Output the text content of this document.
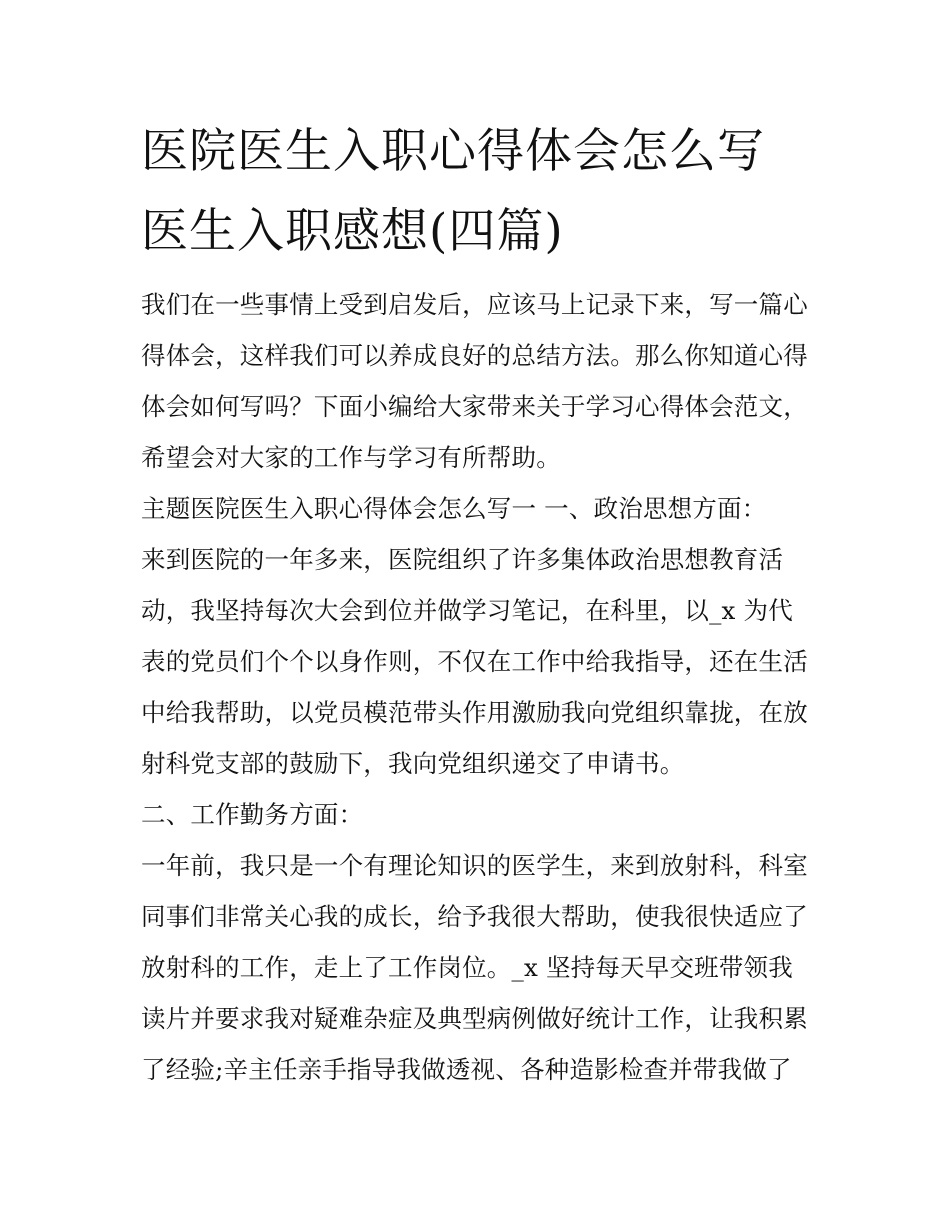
医院医生入职心得体会怎么写
医生入职感想(四篇)
我们在一些事情上受到启发后，应该马上记录下来，写一篇心
得体会，这样我们可以养成良好的总结方法。那么你知道心得
体会如何写吗？下面小编给大家带来关于学习心得体会范文，
希望会对大家的工作与学习有所帮助。
主题医院医生入职心得体会怎么写一 一、政治思想方面：
来到医院的一年多来，医院组织了许多集体政治思想教育活
动，我坚持每次大会到位并做学习笔记，在科里，以_x 为代
表的党员们个个以身作则，不仅在工作中给我指导，还在生活
中给我帮助，以党员模范带头作用激励我向党组织靠拢，在放
射科党支部的鼓励下，我向党组织递交了申请书。
二、工作勤务方面：
一年前，我只是一个有理论知识的医学生，来到放射科，科室
同事们非常关心我的成长，给予我很大帮助，使我很快适应了
放射科的工作，走上了工作岗位。_x 坚持每天早交班带领我
读片并要求我对疑难杂症及典型病例做好统计工作，让我积累
了经验;辛主任亲手指导我做透视、各种造影检查并带我做了
